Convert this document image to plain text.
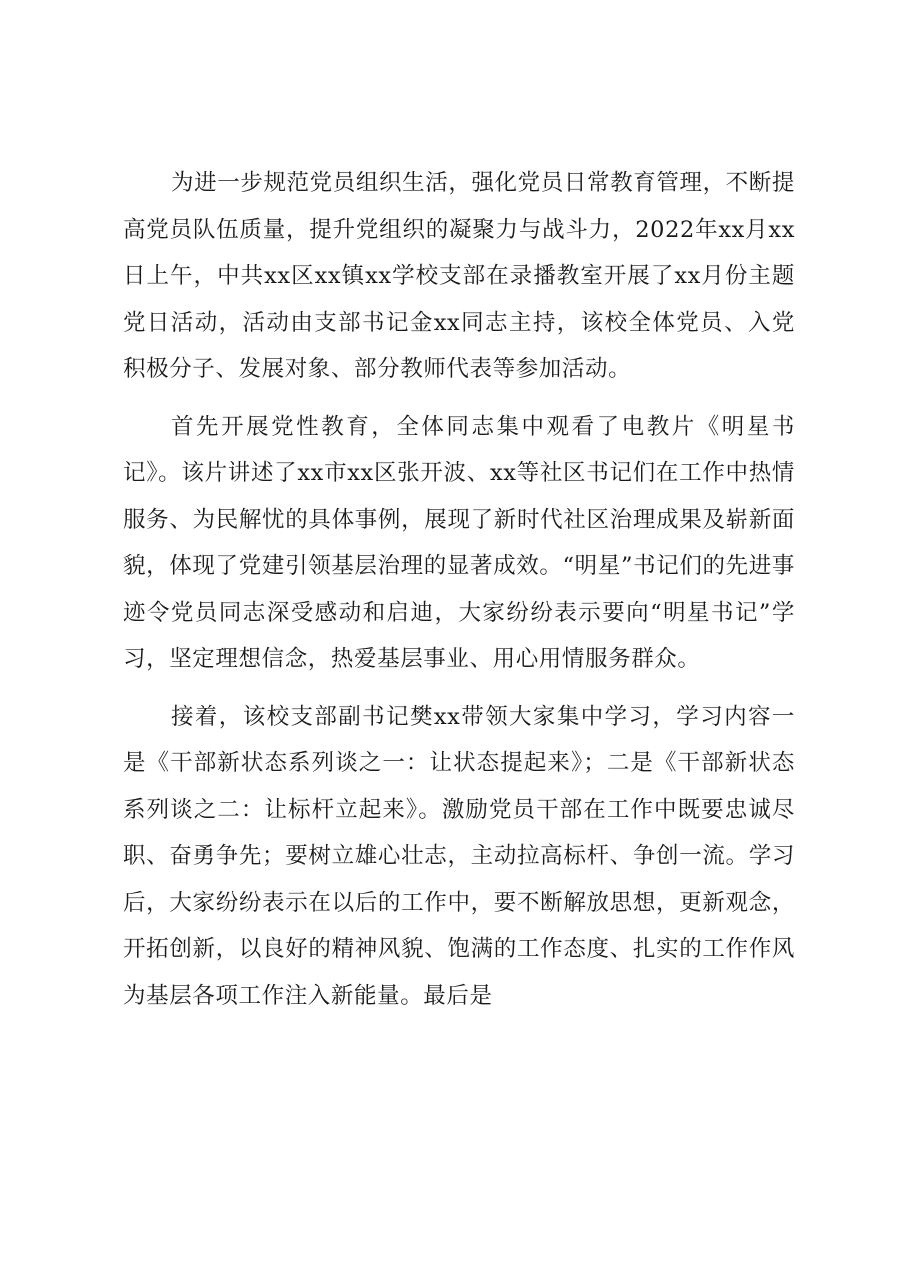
为进一步规范党员组织生活，强化党员日常教育管理，不断提高党员队伍质量，提升党组织的凝聚力与战斗力，2022年xx月xx日上午，中共xx区xx镇xx学校支部在录播教室开展了xx月份主题党日活动，活动由支部书记金xx同志主持，该校全体党员、入党积极分子、发展对象、部分教师代表等参加活动。

首先开展党性教育，全体同志集中观看了电教片《明星书记》。该片讲述了xx市xx区张开波、xx等社区书记们在工作中热情服务、为民解忧的具体事例，展现了新时代社区治理成果及崭新面貌，体现了党建引领基层治理的显著成效。“明星”书记们的先进事迹令党员同志深受感动和启迪，大家纷纷表示要向“明星书记”学习，坚定理想信念，热爱基层事业、用心用情服务群众。

接着，该校支部副书记樊xx带领大家集中学习，学习内容一是《干部新状态系列谈之一：让状态提起来》；二是《干部新状态系列谈之二：让标杆立起来》。激励党员干部在工作中既要忠诚尽职、奋勇争先；要树立雄心壮志，主动拉高标杆、争创一流。学习后，大家纷纷表示在以后的工作中，要不断解放思想，更新观念，开拓创新，以良好的精神风貌、饱满的工作态度、扎实的工作作风为基层各项工作注入新能量。最后是
